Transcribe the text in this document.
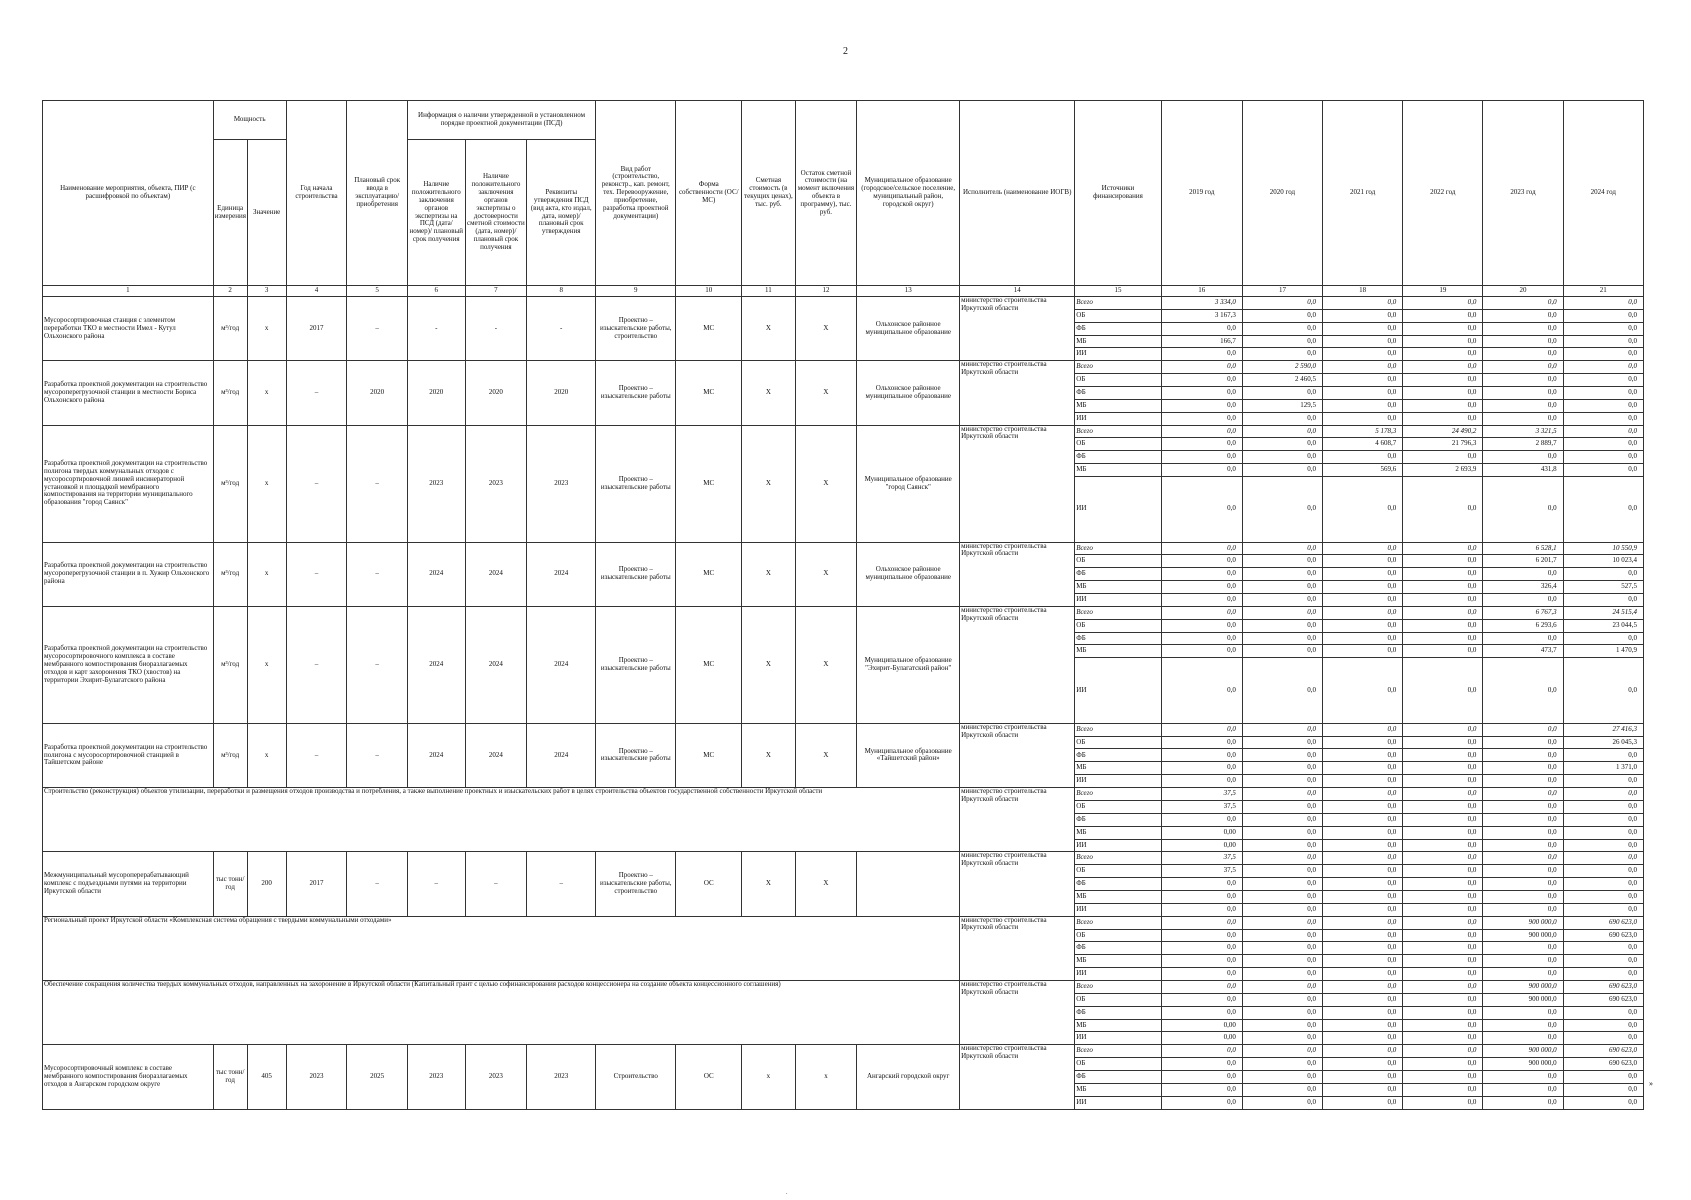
2
Наименование мероприятия, объекта, ПИР (с расшифровкой по объектам)	Мощность		Год начала строительства	Плановый срок ввода в эксплуатацию/приобретения	Информация о наличии утвержденной в установленном порядке проектной документации (ПСД)			Вид работ (строительство, реконстр., кап. ремонт, тех. Перевооружение, приобретение, разработка проектной документации)	Форма собственности (ОС/МС)	Сметная стоимость (в текущих ценах), тыс. руб.	Остаток сметной стоимости (на момент включения объекта в программу), тыс. руб.	Муниципальное образование (городское/сельское поселение, муниципальный район, городской округ)	Исполнитель (наименование ИОГВ)	Источники финансирования	2019 год	2020 год	2021 год	2022 год	2023 год	2024 год
	Единица измерения	Значение			Наличие положительного заключения органов экспертизы на ПСД (дата/номер)/ плановый срок получения	Наличие положительного заключения органов экспертизы о достоверности сметной стоимости (дата, номер)/плановый срок получения	Реквизиты утверждения ПСД (вид акта, кто издал, дата, номер)/ плановый срок утверждения													

1	2	3	4	5	6	7	8	9	10	11	12	13	14	15	16	17	18	19	20	21
Мусоросортировочная станция с элементом переработки ТКО в местности Имел - Кутул Ольхонского района	м³/год	х	2017	–	-	-	-	Проектно – изыскательские работы, строительство	МС	Х	Х	Ольхонское районное муниципальное образование	министерство строительства Иркутской области	Всего	3 334,0	0,0	0,0	0,0	0,0	0,0
														ОБ	3 167,3	0,0	0,0	0,0	0,0	0,0
														ФБ	0,0	0,0	0,0	0,0	0,0	0,0
														МБ	166,7	0,0	0,0	0,0	0,0	0,0
														ИИ	0,0	0,0	0,0	0,0	0,0	0,0
Разработка проектной документации на строительство мусороперегрузочной станции в местности Бориса Ольхонского района	м³/год	х	–	2020	2020	2020	2020	Проектно – изыскательские работы	МС	Х	Х	Ольхонское районное муниципальное образование	министерство строительства Иркутской области	Всего	0,0	2 590,0	0,0	0,0	0,0	0,0
														ОБ	0,0	2 460,5	0,0	0,0	0,0	0,0
														ФБ	0,0	0,0	0,0	0,0	0,0	0,0
														МБ	0,0	129,5	0,0	0,0	0,0	0,0
														ИИ	0,0	0,0	0,0	0,0	0,0	0,0
Разработка проектной документации на строительство полигона твердых коммунальных отходов с мусоросортировочной линией инсинераторной установкой и площадкой мембранного компостирования на территории муниципального образования "город Саянск"	м³/год	х	–	–	2023	2023	2023	Проектно – изыскательские работы	МС	Х	Х	Муниципальное образование "город Саянск"	министерство строительства Иркутской области	Всего	0,0	0,0	5 178,3	24 490,2	3 321,5	0,0
														ОБ	0,0	0,0	4 608,7	21 796,3	2 889,7	0,0
														ФБ	0,0	0,0	0,0	0,0	0,0	0,0
														МБ	0,0	0,0	569,6	2 693,9	431,8	0,0
														ИИ	0,0	0,0	0,0	0,0	0,0	0,0
Разработка проектной документации на строительство мусороперегрузочной станции в п. Хужир Ольхонского района	м³/год	х	–	–	2024	2024	2024	Проектно – изыскательские работы	МС	Х	Х	Ольхонское районное муниципальное образование	министерство строительства Иркутской области	Всего	0,0	0,0	0,0	0,0	6 528,1	10 550,9
														ОБ	0,0	0,0	0,0	0,0	6 201,7	10 023,4
														ФБ	0,0	0,0	0,0	0,0	0,0	0,0
														МБ	0,0	0,0	0,0	0,0	326,4	527,5
														ИИ	0,0	0,0	0,0	0,0	0,0	0,0
Разработка проектной документации на строительство мусоросортировочного комплекса в составе мембранного компостирования биоразлагаемых отходов и карт захоронения ТКО (хвостов) на территории Эхирит-Булагатского района	м³/год	х	–	–	2024	2024	2024	Проектно – изыскательские работы	МС	Х	Х	Муниципальное образование "Эхирит-Булагатский район"	министерство строительства Иркутской области	Всего	0,0	0,0	0,0	0,0	6 767,3	24 515,4
														ОБ	0,0	0,0	0,0	0,0	6 293,6	23 044,5
														ФБ	0,0	0,0	0,0	0,0	0,0	0,0
														МБ	0,0	0,0	0,0	0,0	473,7	1 470,9
														ИИ	0,0	0,0	0,0	0,0	0,0	0,0
Разработка проектной документации на строительство полигона с мусоросортировочной станцией в Тайшетском районе	м³/год	х	–	–	2024	2024	2024	Проектно – изыскательские работы	МС	Х	Х	Муниципальное образование «Тайшетский район»	министерство строительства Иркутской области	Всего	0,0	0,0	0,0	0,0	0,0	27 416,3
														ОБ	0,0	0,0	0,0	0,0	0,0	26 045,3
														ФБ	0,0	0,0	0,0	0,0	0,0	0,0
														МБ	0,0	0,0	0,0	0,0	0,0	1 371,0
														ИИ	0,0	0,0	0,0	0,0	0,0	0,0
Строительство (реконструкция) объектов утилизации, переработки и размещения отходов производства и потребления, а также выполнение проектных и изыскательских работ в целях строительства объектов государственной собственности Иркутской области													министерство строительства Иркутской области	Всего	37,5	0,0	0,0	0,0	0,0	0,0
														ОБ	37,5	0,0	0,0	0,0	0,0	0,0
														ФБ	0,0	0,0	0,0	0,0	0,0	0,0
														МБ	0,00	0,0	0,0	0,0	0,0	0,0
														ИИ	0,00	0,0	0,0	0,0	0,0	0,0
Межмуниципальный мусороперерабатывающий комплекс с подъездными путями на территории Иркутской области	тыс тонн/год	200	2017	–	–	–	–	Проектно – изыскательские работы, строительство	ОС	Х	Х		министерство строительства Иркутской области	Всего	37,5	0,0	0,0	0,0	0,0	0,0
														ОБ	37,5	0,0	0,0	0,0	0,0	0,0
														ФБ	0,0	0,0	0,0	0,0	0,0	0,0
														МБ	0,0	0,0	0,0	0,0	0,0	0,0
														ИИ	0,0	0,0	0,0	0,0	0,0	0,0
Региональный проект Иркутской области «Комплексная система обращения с твердыми коммунальными отходами»													министерство строительства Иркутской области	Всего	0,0	0,0	0,0	0,0	900 000,0	690 623,0
														ОБ	0,0	0,0	0,0	0,0	900 000,0	690 623,0
														ФБ	0,0	0,0	0,0	0,0	0,0	0,0
														МБ	0,0	0,0	0,0	0,0	0,0	0,0
														ИИ	0,0	0,0	0,0	0,0	0,0	0,0
Обеспечение сокращения количества твердых коммунальных отходов, направленных на захоронение в Иркутской области (Капитальный грант с целью софинансирования расходов концессионера на создание объекта концессионного соглашения)													министерство строительства Иркутской области	Всего	0,0	0,0	0,0	0,0	900 000,0	690 623,0
														ОБ	0,0	0,0	0,0	0,0	900 000,0	690 623,0
														ФБ	0,0	0,0	0,0	0,0	0,0	0,0
														МБ	0,00	0,0	0,0	0,0	0,0	0,0
														ИИ	0,00	0,0	0,0	0,0	0,0	0,0
Мусоросортировочный комплекс в составе мембранного компостирования биоразлагаемых отходов в Ангарском городском округе	тыс тонн/год	405	2023	2025	2023	2023	2023	Строительство	ОС	х	х	Ангарский городской округ	министерство строительства Иркутской области	Всего	0,0	0,0	0,0	0,0	900 000,0	690 623,0
														ОБ	0,0	0,0	0,0	0,0	900 000,0	690 623,0
														ФБ	0,0	0,0	0,0	0,0	0,0	0,0
														МБ	0,0	0,0	0,0	0,0	0,0	0,0
														ИИ	0,0	0,0	0,0	0,0	0,0	0,0
»
.
